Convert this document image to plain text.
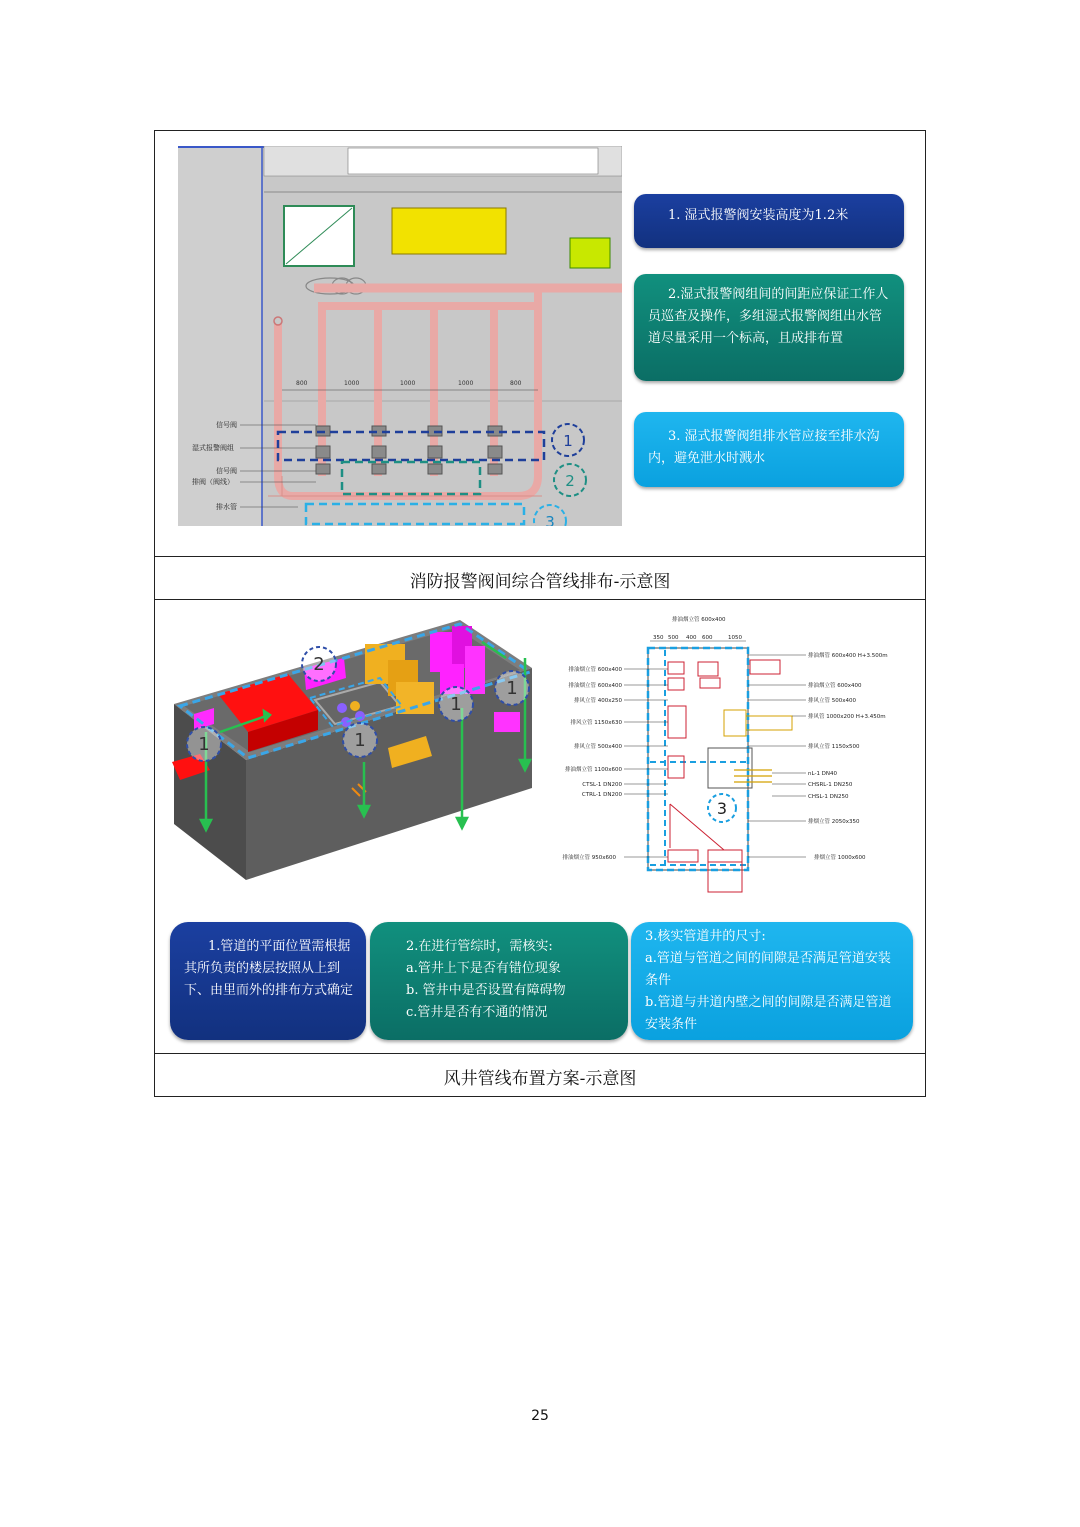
消防报警阀间综合管线排布-示意图
800	1000	1000	1000	800
信号阀
湿式报警阀组
信号阀
排阀（阀线）
排水管
1
2
3
1. 湿式报警阀安装高度为1.2米
2.湿式报警阀组间的间距应保证工作人员巡查及操作，多组湿式报警阀组出水管道尽量采用一个标高，且成排布置
3. 湿式报警阀组排水管应接至排水沟内，避免泄水时溅水
风井管线布置方案-示意图
2
1	1
1
1
排油烟立管 600x400
350 500 400 600	1050
3
排油烟立管 600x400
排油烟立管 600x400
排风立管 400x250
排风立管 1150x630
排风立管 500x400
排油烟立管 1100x600
CTSL-1 DN200
CTRL-1 DN200
排油烟立管 950x600
排油烟管 600x400 H+3.500m
排油烟立管 600x400
排风立管 500x400
排风管 1000x200 H+3.450m
排风立管 1150x500
nL-1 DN40
CHSRL-1 DN250
CHSL-1 DN250
排烟立管 2050x350
排烟立管 1000x600
1.管道的平面位置需根据其所负责的楼层按照从上到下、由里而外的排布方式确定
2.在进行管综时，需核实:
a.管井上下是否有错位现象
b. 管井中是否设置有障碍物
c.管井是否有不通的情况
3.核实管道井的尺寸:
a.管道与管道之间的间隙是否满足管道安装条件
b.管道与井道内壁之间的间隙是否满足管道安装条件
25
